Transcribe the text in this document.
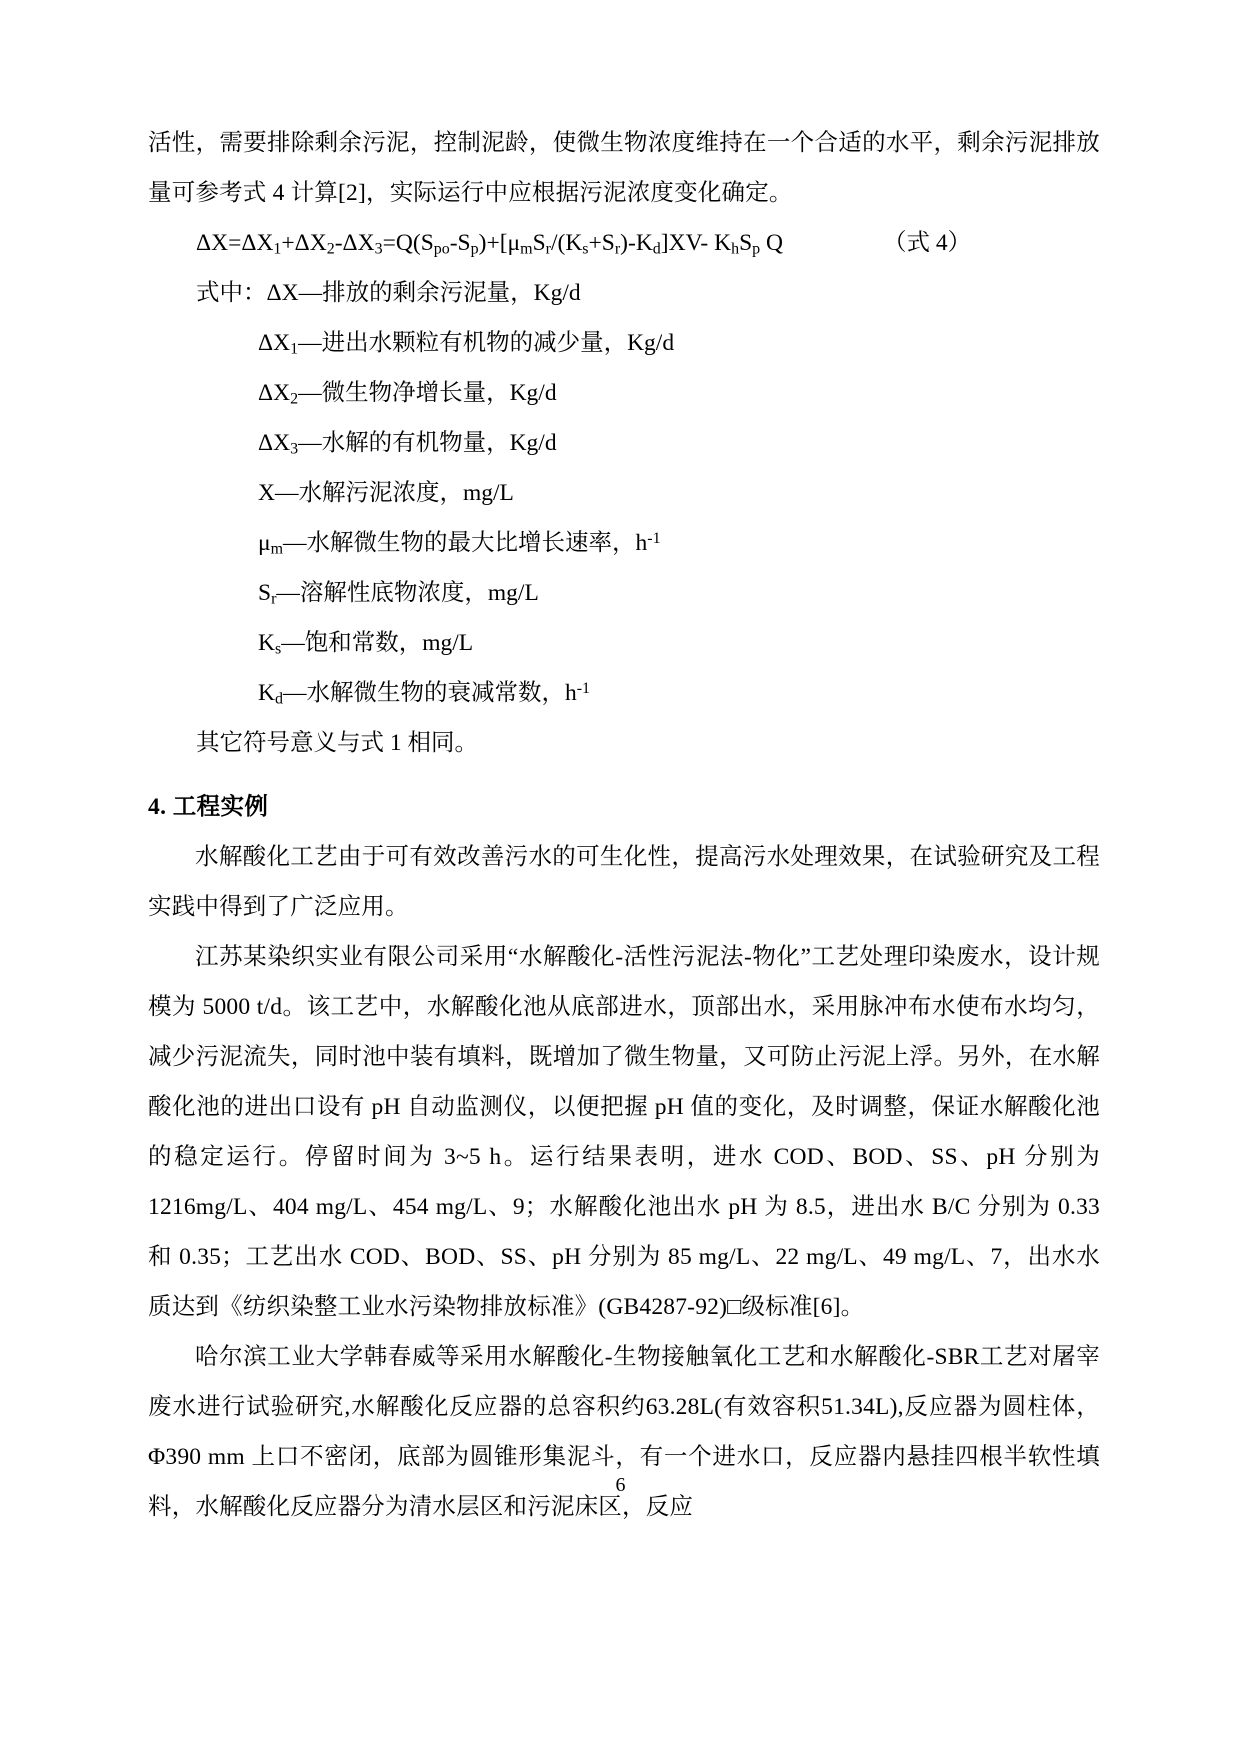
活性，需要排除剩余污泥，控制泥龄，使微生物浓度维持在一个合适的水平，剩余污泥排放量可参考式 4 计算[2]，实际运行中应根据污泥浓度变化确定。

$\Delta X=\Delta X_1+\Delta X_2-\Delta X_3=Q(S_{po}-S_p)+[\mu_mS_r/(K_s+S_r)-K_d]XV-$ $K_hS_p$ Q	（式 4）
式中：ΔX—排放的剩余污泥量，Kg/d
$\Delta X_1—$进出水颗粒有机物的减少量，Kg/d
$\Delta X_2—$微生物净增长量，Kg/d
$\Delta X_3—$水解的有机物量，Kg/d
X—水解污泥浓度，mg/L
$\mu_m—$水解微生物的最大比增长速率，$h^{-1}$
$S_r—$溶解性底物浓度，mg/L
$K_s—$饱和常数，mg/L
$K_d—$水解微生物的衰减常数，$h^{-1}$
其它符号意义与式 1 相同。
4. 工程实例

水解酸化工艺由于可有效改善污水的可生化性，提高污水处理效果，在试验研究及工程实践中得到了广泛应用。

江苏某染织实业有限公司采用“水解酸化-活性污泥法-物化”工艺处理印染废水，设计规模为 5000 t/d。该工艺中，水解酸化池从底部进水，顶部出水，采用脉冲布水使布水均匀，减少污泥流失，同时池中装有填料，既增加了微生物量，又可防止污泥上浮。另外，在水解酸化池的进出口设有 pH 自动监测仪，以便把握 pH 值的变化，及时调整，保证水解酸化池的稳定运行。停留时间为 3~5 h。运行结果表明，进水 COD、BOD、SS、pH 分别为 1216mg/L、404 mg/L、454 mg/L、9；水解酸化池出水 pH 为 8.5，进出水 B/C 分别为 0.33 和 0.35；工艺出水 COD、BOD、SS、pH 分别为 85 mg/L、22 mg/L、49 mg/L、7，出水水质达到《纺织染整工业水污染物排放标准》(GB4287-92)□级标准[6]。

哈尔滨工业大学韩春威等采用水解酸化-生物接触氧化工艺和水解酸化-SBR工艺对屠宰废水进行试验研究,水解酸化反应器的总容积约63.28L(有效容积51.34L),反应器为圆柱体，Φ390 mm 上口不密闭，底部为圆锥形集泥斗，有一个进水口，反应器内悬挂四根半软性填料，水解酸化反应器分为清水层区和污泥床区，反应

6
